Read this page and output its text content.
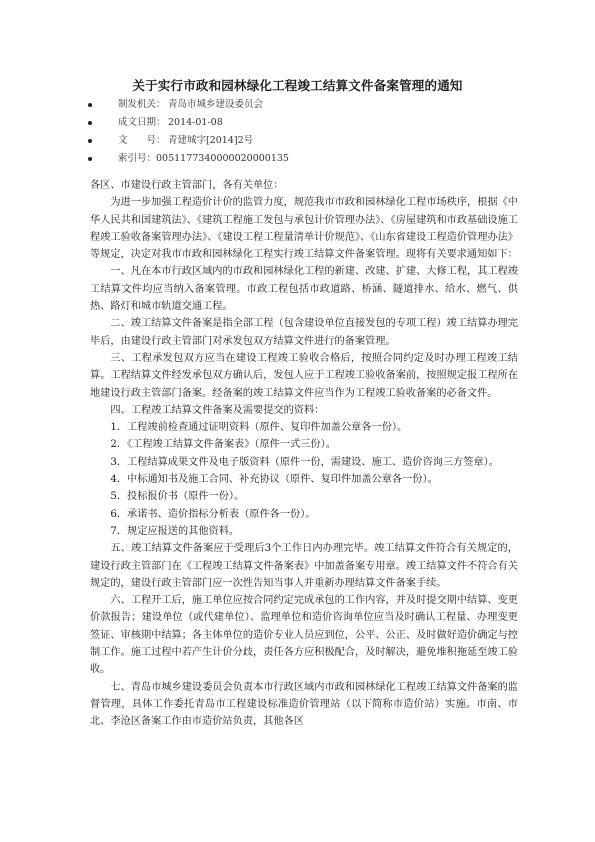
关于实行市政和园林绿化工程竣工结算文件备案管理的通知
制发机关： 青岛市城乡建设委员会
成文日期： 2014-01-08
文　　号： 青建城字[2014]2号
索引号：0051177340000020000135

各区、市建设行政主管部门，各有关单位：

为进一步加强工程造价计价的监管力度，规范我市市政和园林绿化工程市场秩序，根据《中华人民共和国建筑法》、《建筑工程施工发包与承包计价管理办法》、《房屋建筑和市政基础设施工程竣工验收备案管理办法》、《建设工程工程量清单计价规范》、《山东省建设工程造价管理办法》等规定，决定对我市市政和园林绿化工程实行竣工结算文件备案管理。现将有关要求通知如下：

一、凡在本市行政区域内的市政和园林绿化工程的新建、改建、扩建、大修工程，其工程竣工结算文件均应当纳入备案管理。市政工程包括市政道路、桥涵、隧道排水、给水、燃气、供热、路灯和城市轨道交通工程。

二、竣工结算文件备案是指全部工程（包含建设单位直接发包的专项工程）竣工结算办理完毕后，由建设行政主管部门对承发包双方结算文件进行的备案管理。

三、工程承发包双方应当在建设工程竣工验收合格后，按照合同约定及时办理工程竣工结算。工程结算文件经发承包双方确认后，发包人应于工程竣工验收备案前，按照规定报工程所在地建设行政主管部门备案。经备案的竣工结算文件应当作为工程竣工验收备案的必备文件。

四、工程竣工结算文件备案及需要提交的资料：

1．工程竣前检查通过证明资料（原件、复印件加盖公章各一份）。

2．《工程竣工结算文件备案表》（原件一式三份）。

3．工程结算成果文件及电子版资料（原件一份，需建设、施工、造价咨询三方签章）。

4．中标通知书及施工合同、补充协议（原件、复印件加盖公章各一份）。

5．投标报价书（原件一份）。

6．承诺书、造价指标分析表（原件各一份）。

7．规定应报送的其他资料。

五、竣工结算文件备案应于受理后3个工作日内办理完毕。竣工结算文件符合有关规定的，建设行政主管部门在《工程竣工结算文件备案表》中加盖备案专用章。竣工结算文件不符合有关规定的，建设行政主管部门应一次性告知当事人并重新办理结算文件备案手续。

六、工程开工后，施工单位应按合同约定完成承包的工作内容，并及时提交期中结算、变更价款报告；建设单位（或代建单位）、监理单位和造价咨询单位应当及时确认工程量、办理变更签证、审核期中结算；各主体单位的造价专业人员应到位，公平、公正、及时做好造价确定与控制工作。施工过程中若产生计价分歧，责任各方应积极配合，及时解决，避免堆积拖延至竣工验收。

七、青岛市城乡建设委员会负责本市行政区域内市政和园林绿化工程竣工结算文件备案的监督管理，具体工作委托青岛市工程建设标准造价管理站（以下简称市造价站）实施。市南、市北、李沧区备案工作由市造价站负责，其他各区
